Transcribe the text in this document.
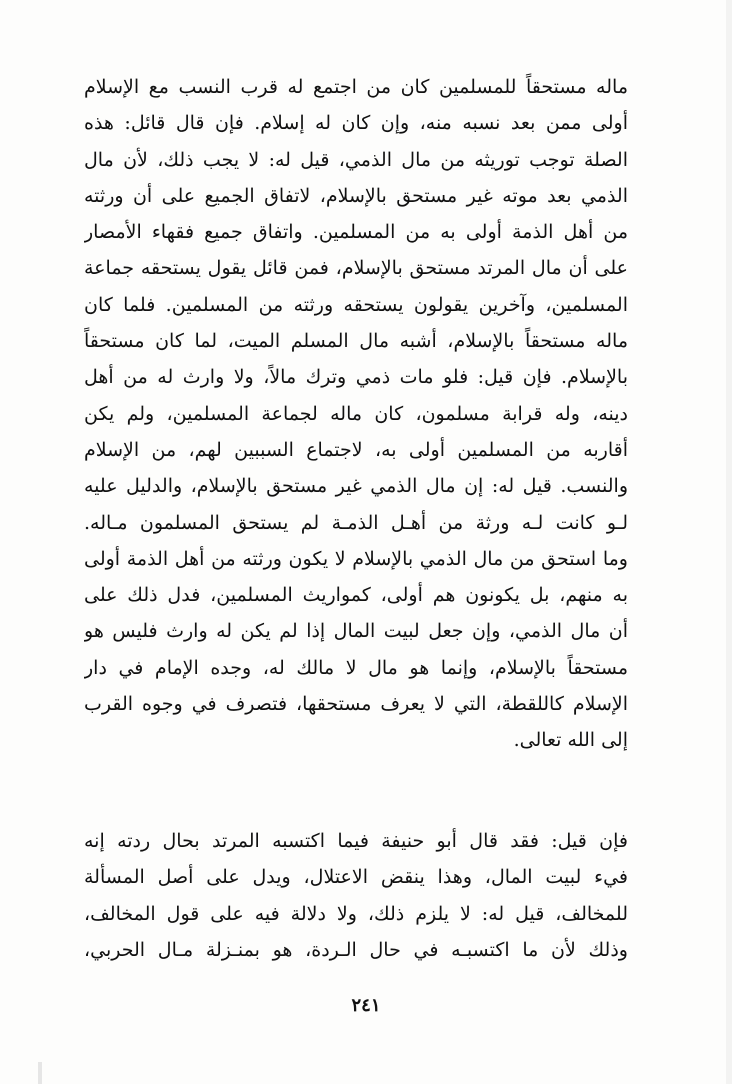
ماله مستحقاً للمسلمين كان من اجتمع له قرب النسب مع الإسلام
أولى ممن بعد نسبه منه، وإن كان له إسلام. فإن قال قائل: هذه
الصلة توجب توريثه من مال الذمي، قيل له: لا يجب ذلك، لأن مال
الذمي بعد موته غير مستحق بالإسلام، لاتفاق الجميع على أن ورثته
من أهل الذمة أولى به من المسلمين. واتفاق جميع فقهاء الأمصار
على أن مال المرتد مستحق بالإسلام، فمن قائل يقول يستحقه جماعة
المسلمين، وآخرين يقولون يستحقه ورثته من المسلمين. فلما كان
ماله مستحقاً بالإسلام، أشبه مال المسلم الميت، لما كان مستحقاً
بالإسلام. فإن قيل: فلو مات ذمي وترك مالاً، ولا وارث له من أهل
دينه، وله قرابة مسلمون، كان ماله لجماعة المسلمين، ولم يكن
أقاربه من المسلمين أولى به، لاجتماع السببين لهم، من الإسلام
والنسب. قيل له: إن مال الذمي غير مستحق بالإسلام، والدليل عليه
لـو كانت لـه ورثة من أهـل الذمـة لم يستحق المسلمون مـاله.
وما استحق من مال الذمي بالإسلام لا يكون ورثته من أهل الذمة أولى
به منهم، بل يكونون هم أولى، كمواريث المسلمين، فدل ذلك على
أن مال الذمي، وإن جعل لبيت المال إذا لم يكن له وارث فليس هو
مستحقاً بالإسلام، وإنما هو مال لا مالك له، وجده الإمام في دار
الإسلام كاللقطة، التي لا يعرف مستحقها، فتصرف في وجوه القرب
إلى الله تعالى.
فإن قيل: فقد قال أبو حنيفة فيما اكتسبه المرتد بحال ردته إنه
فيء لبيت المال، وهذا ينقض الاعتلال، ويدل على أصل المسألة
للمخالف، قيل له: لا يلزم ذلك، ولا دلالة فيه على قول المخالف،
وذلك لأن ما اكتسبـه في حال الـردة، هو بمنـزلة مـال الحربي،
٢٤١
